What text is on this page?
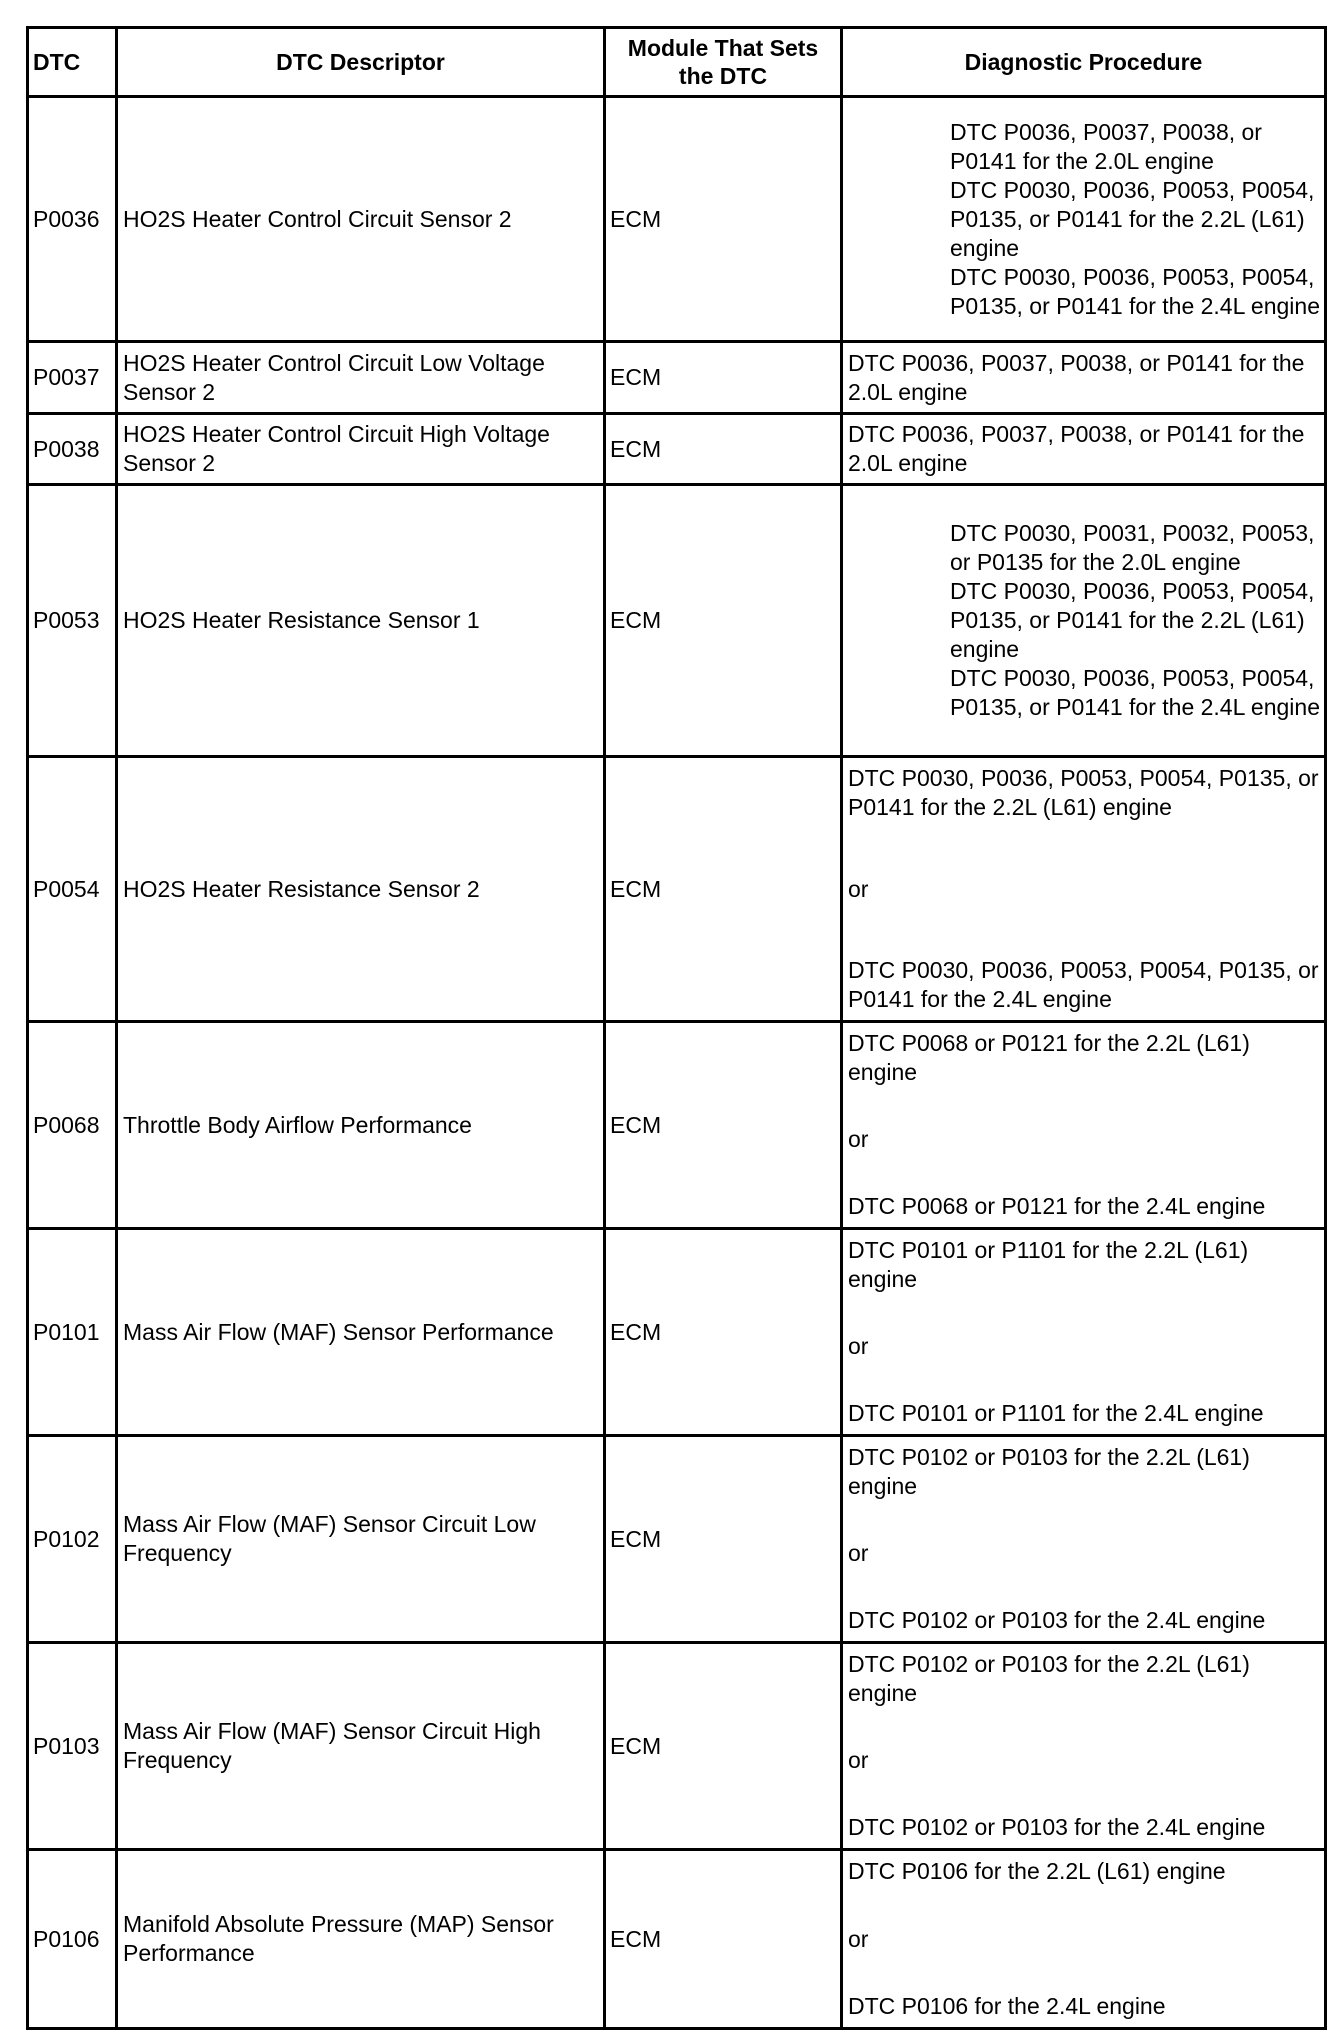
DTC	DTC Descriptor	Module That Sets the DTC	Diagnostic Procedure
P0036	HO2S Heater Control Circuit Sensor 2	ECM	DTC P0036, P0037, P0038, or P0141 for the 2.0L engine
DTC P0030, P0036, P0053, P0054, P0135, or P0141 for the 2.2L (L61) engine
DTC P0030, P0036, P0053, P0054, P0135, or P0141 for the 2.4L engine

P0037	HO2S Heater Control Circuit Low Voltage Sensor 2	ECM	DTC P0036, P0037, P0038, or P0141 for the 2.0L engine

P0038	HO2S Heater Control Circuit High Voltage Sensor 2	ECM	DTC P0036, P0037, P0038, or P0141 for the 2.0L engine

P0053	HO2S Heater Resistance Sensor 1	ECM	DTC P0030, P0031, P0032, P0053, or P0135 for the 2.0L engine
DTC P0030, P0036, P0053, P0054, P0135, or P0141 for the 2.2L (L61) engine
DTC P0030, P0036, P0053, P0054, P0135, or P0141 for the 2.4L engine

P0054	HO2S Heater Resistance Sensor 2	ECM	DTC P0030, P0036, P0053, P0054, P0135, or P0141 for the 2.2L (L61) engine
or
DTC P0030, P0036, P0053, P0054, P0135, or P0141 for the 2.4L engine

P0068	Throttle Body Airflow Performance	ECM	DTC P0068 or P0121 for the 2.2L (L61) engine
or
DTC P0068 or P0121 for the 2.4L engine

P0101	Mass Air Flow (MAF) Sensor Performance	ECM	DTC P0101 or P1101 for the 2.2L (L61) engine
or
DTC P0101 or P1101 for the 2.4L engine

P0102	Mass Air Flow (MAF) Sensor Circuit Low Frequency	ECM	DTC P0102 or P0103 for the 2.2L (L61) engine
or
DTC P0102 or P0103 for the 2.4L engine

P0103	Mass Air Flow (MAF) Sensor Circuit High Frequency	ECM	DTC P0102 or P0103 for the 2.2L (L61) engine
or
DTC P0102 or P0103 for the 2.4L engine

P0106	Manifold Absolute Pressure (MAP) Sensor Performance	ECM	DTC P0106 for the 2.2L (L61) engine
or
DTC P0106 for the 2.4L engine
